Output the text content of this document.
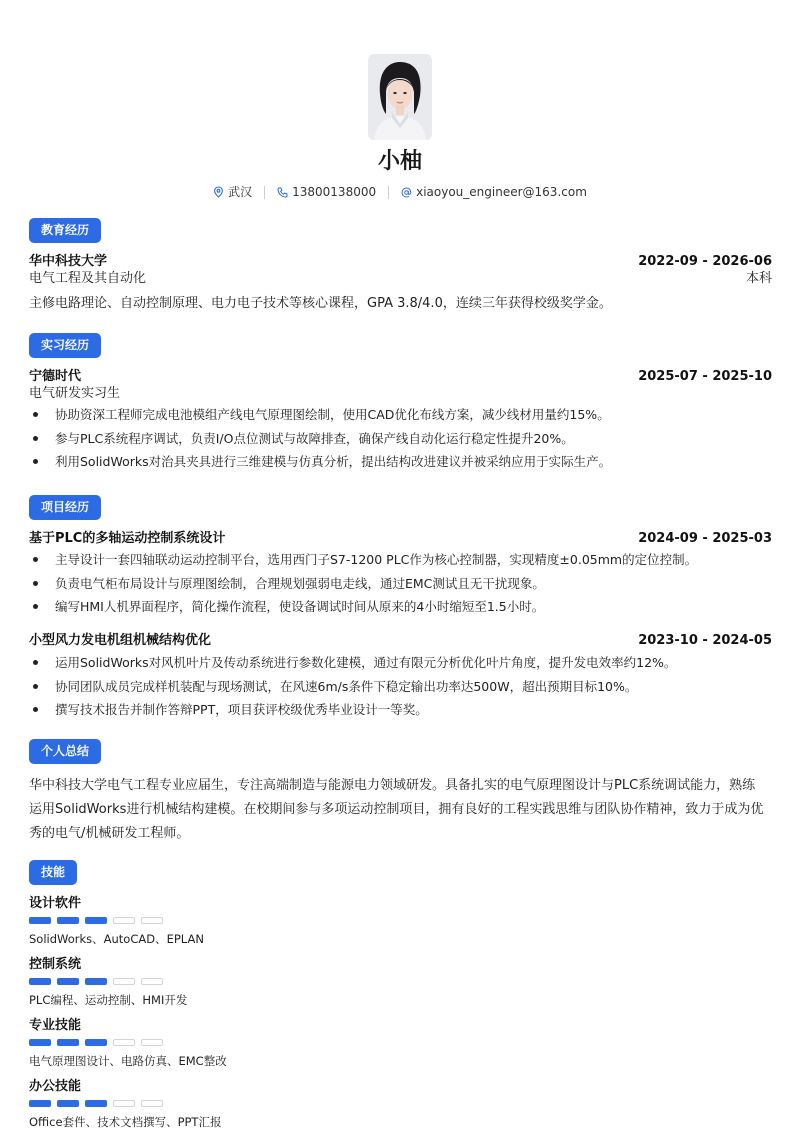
小柚
武汉	13800138000	xiaoyou_engineer@163.com
教育经历
华中科技大学	2022-09 - 2026-06
电气工程及其自动化	本科
主修电路理论、自动控制原理、电力电子技术等核心课程，GPA 3.8/4.0，连续三年获得校级奖学金。
实习经历
宁德时代	2025-07 - 2025-10
电气研发实习生
协助资深工程师完成电池模组产线电气原理图绘制，使用CAD优化布线方案，减少线材用量约15%。
参与PLC系统程序调试，负责I/O点位测试与故障排查，确保产线自动化运行稳定性提升20%。
利用SolidWorks对治具夹具进行三维建模与仿真分析，提出结构改进建议并被采纳应用于实际生产。
项目经历
基于PLC的多轴运动控制系统设计	2024-09 - 2025-03
主导设计一套四轴联动运动控制平台，选用西门子S7-1200 PLC作为核心控制器，实现精度±0.05mm的定位控制。
负责电气柜布局设计与原理图绘制，合理规划强弱电走线，通过EMC测试且无干扰现象。
编写HMI人机界面程序，简化操作流程，使设备调试时间从原来的4小时缩短至1.5小时。
小型风力发电机组机械结构优化	2023-10 - 2024-05
运用SolidWorks对风机叶片及传动系统进行参数化建模，通过有限元分析优化叶片角度，提升发电效率约12%。
协同团队成员完成样机装配与现场测试，在风速6m/s条件下稳定输出功率达500W，超出预期目标10%。
撰写技术报告并制作答辩PPT，项目获评校级优秀毕业设计一等奖。
个人总结
华中科技大学电气工程专业应届生，专注高端制造与能源电力领域研发。具备扎实的电气原理图设计与PLC系统调试能力，熟练
运用SolidWorks进行机械结构建模。在校期间参与多项运动控制项目，拥有良好的工程实践思维与团队协作精神，致力于成为优
秀的电气/机械研发工程师。
技能
设计软件
SolidWorks、AutoCAD、EPLAN
控制系统
PLC编程、运动控制、HMI开发
专业技能
电气原理图设计、电路仿真、EMC整改
办公技能
Office套件、技术文档撰写、PPT汇报
